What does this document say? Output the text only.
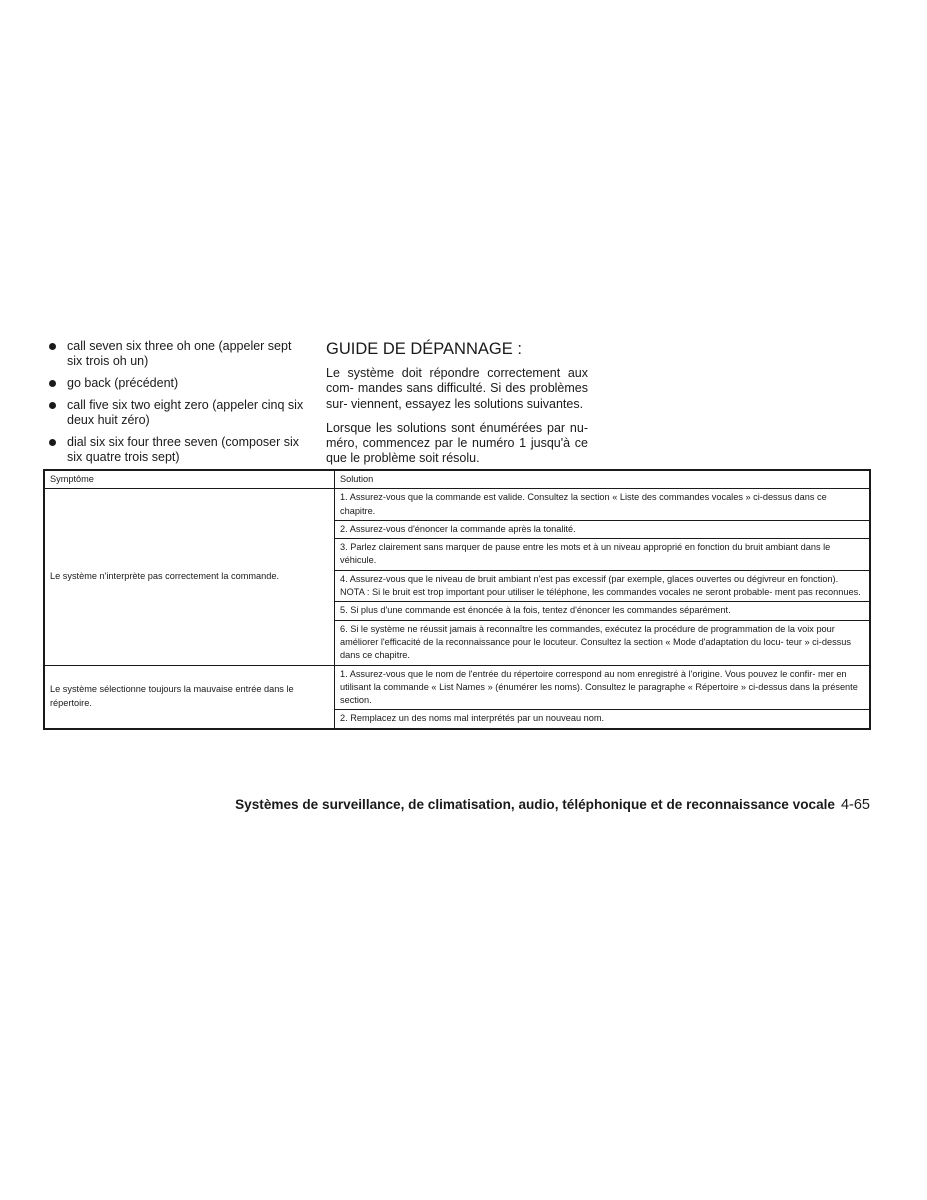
call seven six three oh one (appeler sept six trois oh un)
go back (précédent)
call five six two eight zero (appeler cinq six deux huit zéro)
dial six six four three seven (composer six six quatre trois sept)
GUIDE DE DÉPANNAGE :

Le système doit répondre correctement aux com- mandes sans difficulté. Si des problèmes sur- viennent, essayez les solutions suivantes.

Lorsque les solutions sont énumérées par nu- méro, commencez par le numéro 1 jusqu'à ce que le problème soit résolu.

Symptôme	Solution
Le système n'interprète pas correctement la commande.	1. Assurez-vous que la commande est valide. Consultez la section « Liste des commandes vocales » ci-dessus dans ce chapitre.
	2. Assurez-vous d'énoncer la commande après la tonalité.
	3. Parlez clairement sans marquer de pause entre les mots et à un niveau approprié en fonction du bruit ambiant dans le véhicule.
	4. Assurez-vous que le niveau de bruit ambiant n'est pas excessif (par exemple, glaces ouvertes ou dégivreur en fonction). NOTA : Si le bruit est trop important pour utiliser le téléphone, les commandes vocales ne seront probable- ment pas reconnues.
	5. Si plus d'une commande est énoncée à la fois, tentez d'énoncer les commandes séparément.
	6. Si le système ne réussit jamais à reconnaître les commandes, exécutez la procédure de programmation de la voix pour améliorer l'efficacité de la reconnaissance pour le locuteur. Consultez la section « Mode d'adaptation du locu- teur » ci-dessus dans ce chapitre.
Le système sélectionne toujours la mauvaise entrée dans le répertoire.	1. Assurez-vous que le nom de l'entrée du répertoire correspond au nom enregistré à l'origine. Vous pouvez le confir- mer en utilisant la commande « List Names » (énumérer les noms). Consultez le paragraphe « Répertoire » ci-dessus dans la présente section.
	2. Remplacez un des noms mal interprétés par un nouveau nom.
Systèmes de surveillance, de climatisation, audio, téléphonique et de reconnaissance vocale 4-65
